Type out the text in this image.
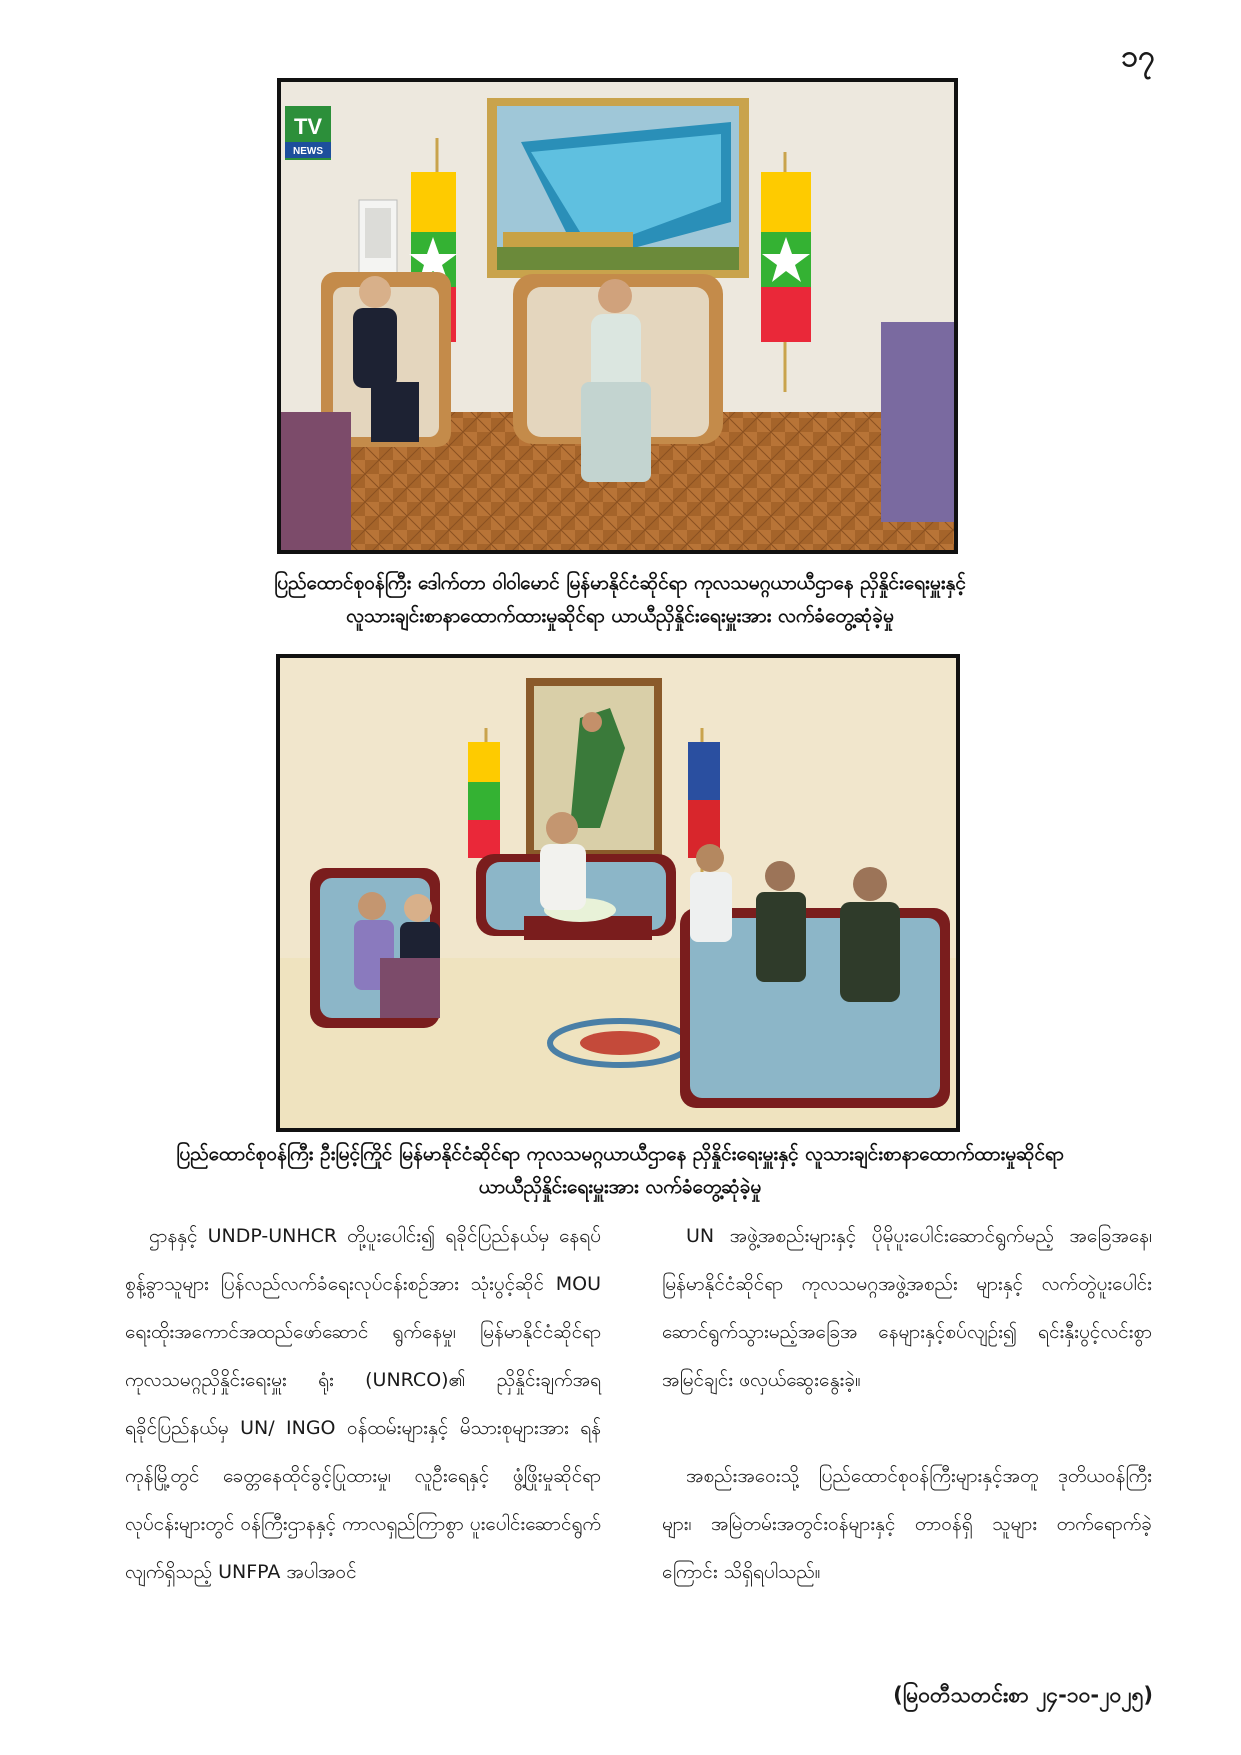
၁၇
TV
NEWS
ပြည်ထောင်စုဝန်ကြီး ဒေါက်တာ ဝါဝါမောင် မြန်မာနိုင်ငံဆိုင်ရာ ကုလသမဂ္ဂယာယီဌာနေ ညှိနှိုင်းရေးမှူးနှင့်
လူသားချင်းစာနာထောက်ထားမှုဆိုင်ရာ ယာယီညှိနှိုင်းရေးမှူးအား လက်ခံတွေ့ဆုံခဲ့မှု
ပြည်ထောင်စုဝန်ကြီး ဦးမြင့်ကြိုင် မြန်မာနိုင်ငံဆိုင်ရာ ကုလသမဂ္ဂယာယီဌာနေ ညှိနှိုင်းရေးမှူးနှင့် လူသားချင်းစာနာထောက်ထားမှုဆိုင်ရာ
ယာယီညှိနှိုင်းရေးမှူးအား လက်ခံတွေ့ဆုံခဲ့မှု

ဌာနနှင့် UNDP-UNHCR တို့ပူးပေါင်း၍ ရခိုင်ပြည်နယ်မှ နေရပ်စွန့်ခွာသူများ ပြန်လည်လက်ခံရေးလုပ်ငန်းစဉ်အား သုံးပွင့်ဆိုင် MOU ရေးထိုးအကောင်အထည်ဖော်ဆောင် ရွက်နေမှု၊ မြန်မာနိုင်ငံဆိုင်ရာ ကုလသမဂ္ဂညှိနှိုင်းရေးမှူး ရုံး (UNRCO)၏ ညှိနှိုင်းချက်အရ ရခိုင်ပြည်နယ်မှ UN/ INGO ဝန်ထမ်းများနှင့် မိသားစုများအား ရန်ကုန်မြို့တွင် ခေတ္တနေထိုင်ခွင့်ပြုထားမှု၊ လူဦးရေနှင့် ဖွံ့ဖြိုးမှုဆိုင်ရာ လုပ်ငန်းများတွင် ဝန်ကြီးဌာနနှင့် ကာလရှည်ကြာစွာ ပူးပေါင်းဆောင်ရွက်လျက်ရှိသည့် UNFPA အပါအဝင်

UN အဖွဲ့အစည်းများနှင့် ပိုမိုပူးပေါင်းဆောင်ရွက်မည့် အခြေအနေ၊ မြန်မာနိုင်ငံဆိုင်ရာ ကုလသမဂ္ဂအဖွဲ့အစည်း များနှင့် လက်တွဲပူးပေါင်းဆောင်ရွက်သွားမည့်အခြေအ နေများနှင့်စပ်လျဉ်း၍ ရင်းနှီးပွင့်လင်းစွာ အမြင်ချင်း ဖလှယ်ဆွေးနွေးခဲ့။

အစည်းအဝေးသို့ ပြည်ထောင်စုဝန်ကြီးများနှင့်အတူ ဒုတိယဝန်ကြီးများ၊ အမြဲတမ်းအတွင်းဝန်များနှင့် တာဝန်ရှိ သူများ တက်ရောက်ခဲ့ကြောင်း သိရှိရပါသည်။

(မြဝတီသတင်းစာ ၂၄-၁၀-၂၀၂၅)
